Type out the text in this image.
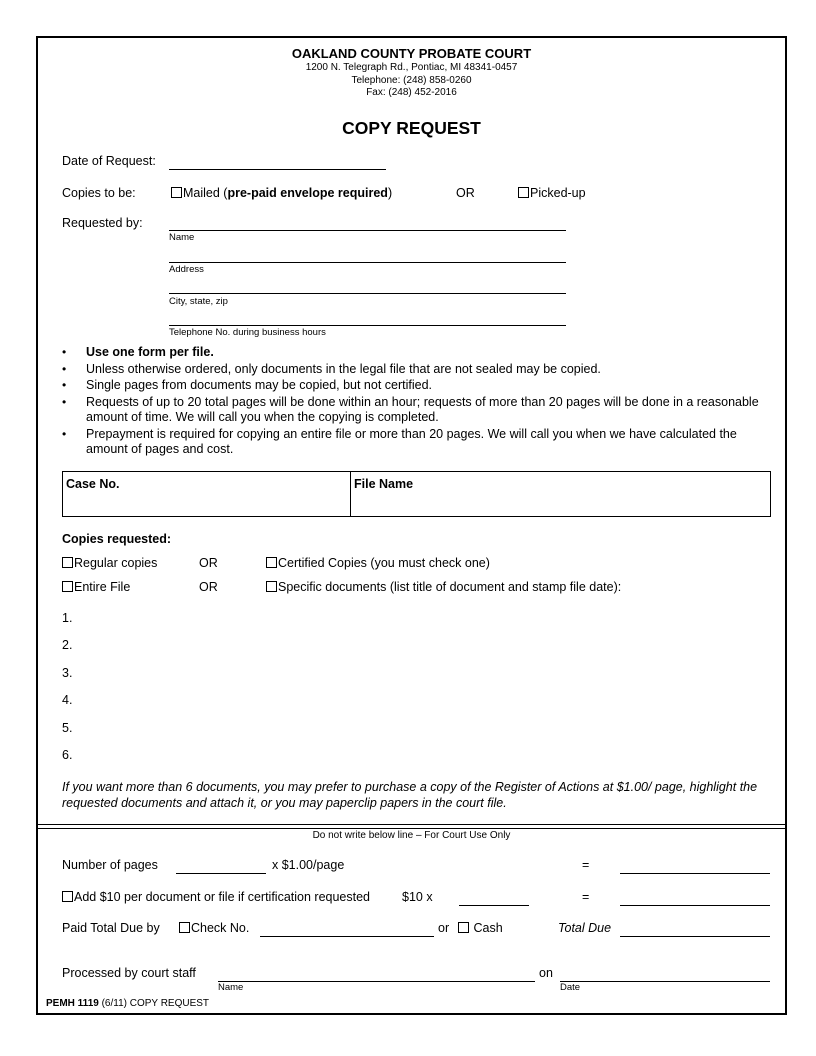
OAKLAND COUNTY PROBATE COURT
1200 N. Telegraph Rd., Pontiac, MI 48341-0457
Telephone: (248) 858-0260
Fax: (248) 452-2016
COPY REQUEST
Date of Request:
Copies to be:	Mailed (pre-paid envelope required)	OR	Picked-up
Requested by:
Name
Address
City, state, zip
Telephone No. during business hours
• Use one form per file.
• Unless otherwise ordered, only documents in the legal file that are not sealed may be copied.
• Single pages from documents may be copied, but not certified.
• Requests of up to 20 total pages will be done within an hour; requests of more than 20 pages will be done in a reasonable amount of time. We will call you when the copying is completed.
• Prepayment is required for copying an entire file or more than 20 pages. We will call you when we have calculated the amount of pages and cost.
Case No.	File Name
Copies requested:
Regular copies	OR	Certified Copies (you must check one)
Entire File	OR	Specific documents (list title of document and stamp file date):
1.
2.
3.
4.
5.
6.
If you want more than 6 documents, you may prefer to purchase a copy of the Register of Actions at $1.00/ page, highlight the requested documents and attach it, or you may paperclip papers in the court file.
Do not write below line – For Court Use Only
Number of pages	x $1.00/page	=
Add $10 per document or file if certification requested	$10 x	=
Paid Total Due by	Check No.	or	Cash	Total Due
Processed by court staff
Name
on
Date
PEMH 1119 (6/11) COPY REQUEST
